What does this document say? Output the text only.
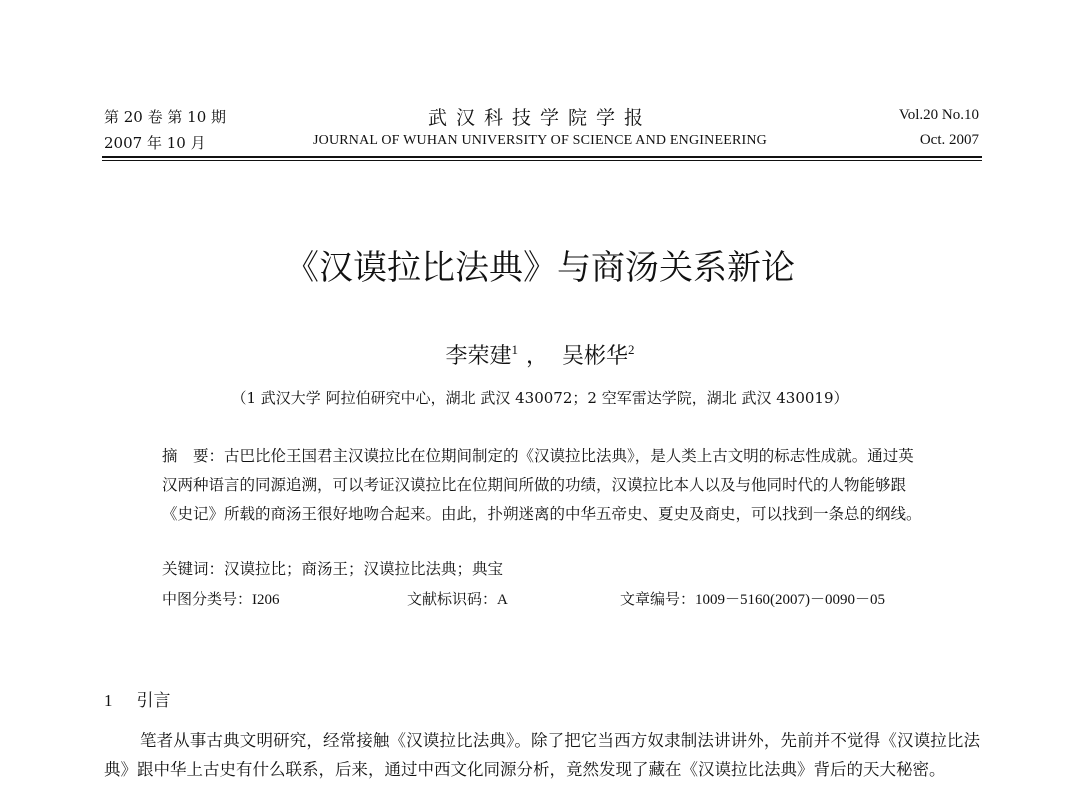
第 20 卷 第 10 期
2007 年 10 月
武汉科技学院学报
JOURNAL OF WUHAN UNIVERSITY OF SCIENCE AND ENGINEERING
Vol.20 No.10
Oct. 2007
《汉谟拉比法典》与商汤关系新论
李荣建$^1$ ， 吴彬华$^2$
（1 武汉大学 阿拉伯研究中心，湖北 武汉 430072；2 空军雷达学院，湖北 武汉 430019）
摘　要：古巴比伦王国君主汉谟拉比在位期间制定的《汉谟拉比法典》，是人类上古文明的标志性成就。通过英汉两种语言的同源追溯，可以考证汉谟拉比在位期间所做的功绩，汉谟拉比本人以及与他同时代的人物能够跟《史记》所载的商汤王很好地吻合起来。由此，扑朔迷离的中华五帝史、夏史及商史，可以找到一条总的纲线。
关键词：汉谟拉比；商汤王；汉谟拉比法典；典宝
中图分类号：I206	文献标识码：A	文章编号：1009－5160(2007)－0090－05
1 引言
笔者从事古典文明研究，经常接触《汉谟拉比法典》。除了把它当西方奴隶制法讲讲外，先前并不觉得《汉谟拉比法典》跟中华上古史有什么联系，后来，通过中西文化同源分析，竟然发现了藏在《汉谟拉比法典》背后的天大秘密。
